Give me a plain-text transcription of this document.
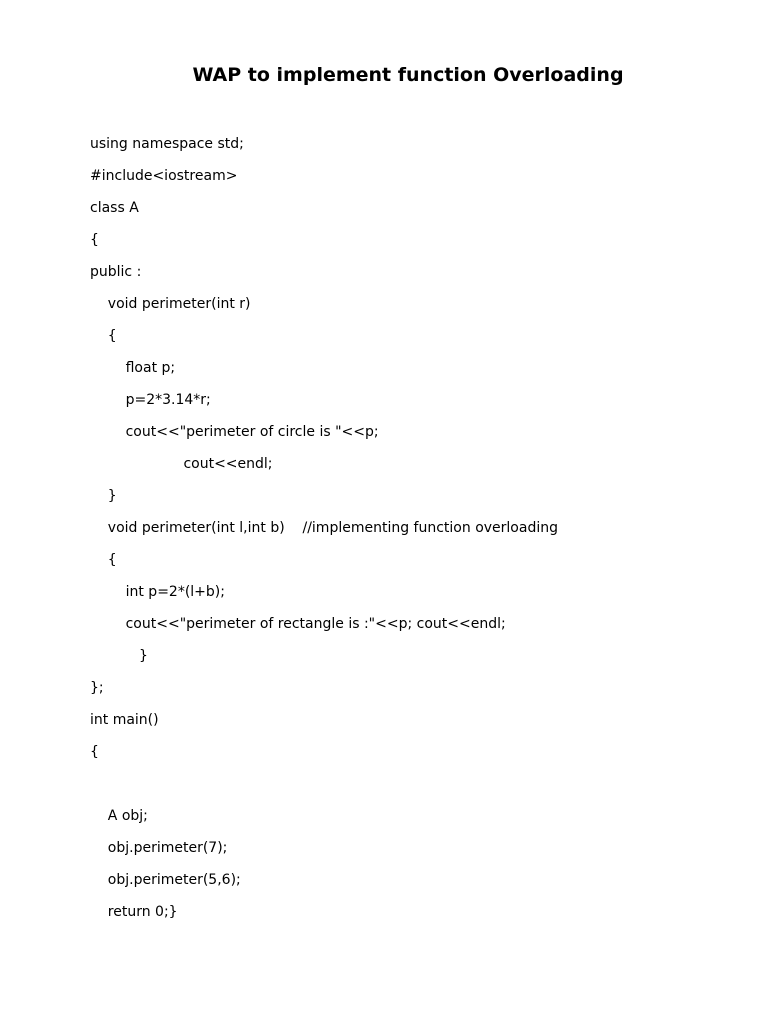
WAP to implement function Overloading
using namespace std;
#include<iostream>
class A
{
public :
void perimeter(int r)
{
float p;
p=2*3.14*r;
cout<<"perimeter of circle is "<<p;
cout<<endl;
}
void perimeter(int l,int b)    //implementing function overloading
{
int p=2*(l+b);
cout<<"perimeter of rectangle is :"<<p; cout<<endl;
}
};
int main()
{
A obj;
obj.perimeter(7);
obj.perimeter(5,6);
return 0;}
